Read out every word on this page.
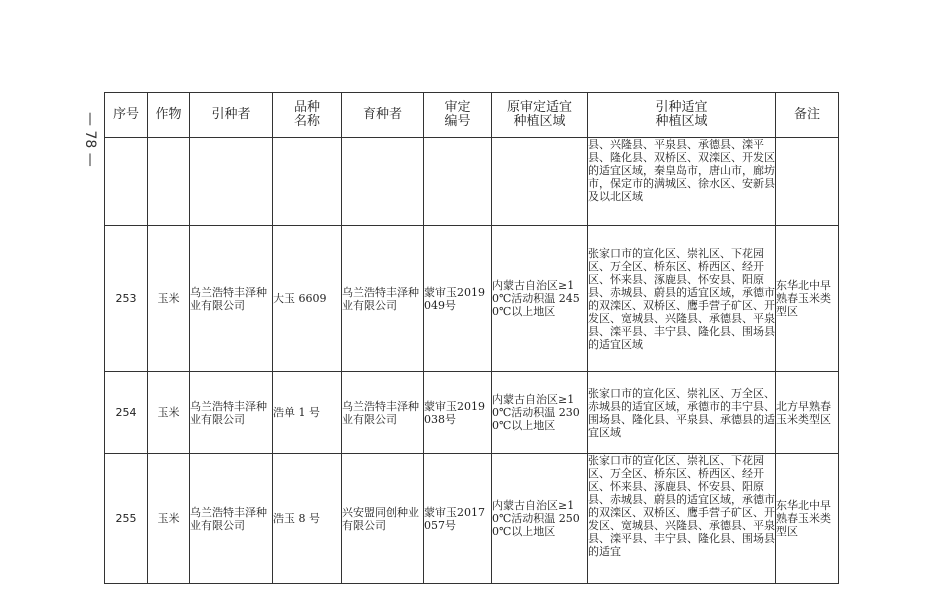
— 78 — 序号	作物	引种者	品种名称	育种者	审定编号	原审定适宜种植区域	引种适宜种植区域	备注
							县、兴隆县、平泉县、承德县、滦平县、隆化县、双桥区、双滦区、开发区的适宜区域，秦皇岛市，唐山市，廊坊市，保定市的满城区、徐水区、安新县及以北区域	
253	玉米	乌兰浩特丰泽种业有限公司	大玉 6609	乌兰浩特丰泽种业有限公司	蒙审玉2019049号	内蒙古自治区≥10℃活动积温 2450℃以上地区	张家口市的宣化区、崇礼区、下花园区、万全区、桥东区、桥西区、经开区、怀来县、涿鹿县、怀安县、阳原县、赤城县、蔚县的适宜区域，承德市的双滦区、双桥区、鹰手营子矿区、开发区、宽城县、兴隆县、承德县、平泉县、滦平县、丰宁县、隆化县、围场县的适宜区域	东华北中早熟春玉米类型区
254	玉米	乌兰浩特丰泽种业有限公司	浩单 1 号	乌兰浩特丰泽种业有限公司	蒙审玉2019038号	内蒙古自治区≥10℃活动积温 2300℃以上地区	张家口市的宣化区、崇礼区、万全区、赤城县的适宜区域，承德市的丰宁县、围场县、隆化县、平泉县、承德县的适宜区域	北方早熟春玉米类型区
255	玉米	乌兰浩特丰泽种业有限公司	浩玉 8 号	兴安盟同创种业有限公司	蒙审玉2017057号	内蒙古自治区≥10℃活动积温 2500℃以上地区	张家口市的宣化区、崇礼区、下花园区、万全区、桥东区、桥西区、经开区、怀来县、涿鹿县、怀安县、阳原县、赤城县、蔚县的适宜区域，承德市的双滦区、双桥区、鹰手营子矿区、开发区、宽城县、兴隆县、承德县、平泉县、滦平县、丰宁县、隆化县、围场县的适宜	东华北中早熟春玉米类型区
